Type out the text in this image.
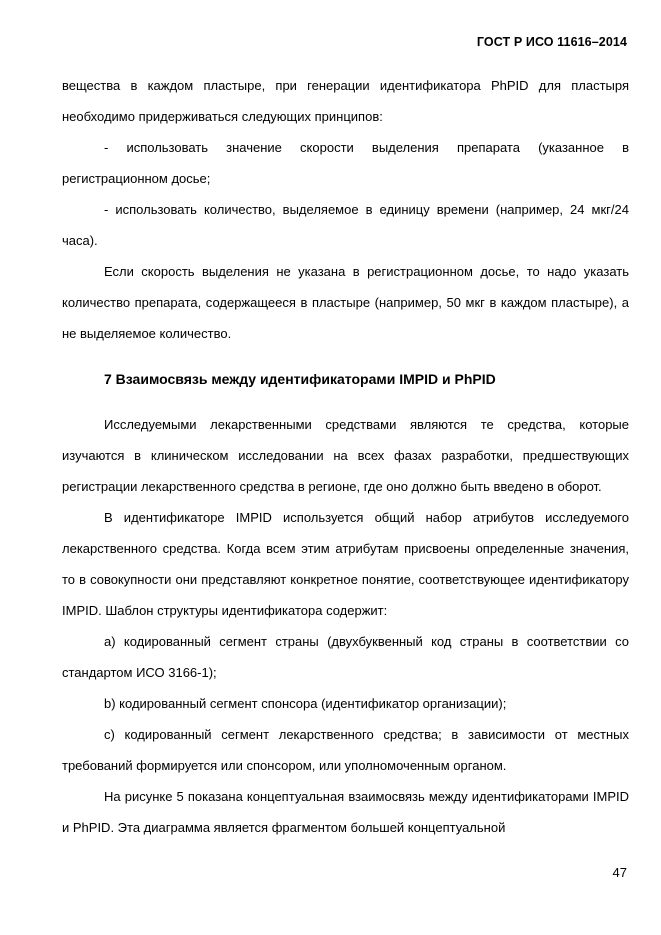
ГОСТ Р ИСО 11616–2014

вещества в каждом пластыре, при генерации идентификатора PhPID для пластыря необходимо придерживаться следующих принципов:

- использовать значение скорости выделения препарата (указанное в регистрационном досье;

- использовать количество, выделяемое в единицу времени (например, 24 мкг/24 часа).

Если скорость выделения не указана в регистрационном досье, то надо указать количество препарата, содержащееся в пластыре (например, 50 мкг в каждом пластыре), а не выделяемое количество.

7 Взаимосвязь между идентификаторами IMPID и PhPID

Исследуемыми лекарственными средствами являются те средства, которые изучаются в клиническом исследовании на всех фазах разработки, предшествующих регистрации лекарственного средства в регионе, где оно должно быть введено в оборот.

В идентификаторе IMPID используется общий набор атрибутов исследуемого лекарственного средства. Когда всем этим атрибутам присвоены определенные значения, то в совокупности они представляют конкретное понятие, соответствующее идентификатору IMPID. Шаблон структуры идентификатора содержит:

а) кодированный сегмент страны (двухбуквенный код страны в соответствии со стандартом ИСО 3166-1);

b) кодированный сегмент спонсора (идентификатор организации);

с) кодированный сегмент лекарственного средства; в зависимости от местных требований формируется или спонсором, или уполномоченным органом.

На рисунке 5 показана концептуальная взаимосвязь между идентификаторами IMPID и PhPID. Эта диаграмма является фрагментом большей концептуальной

47
